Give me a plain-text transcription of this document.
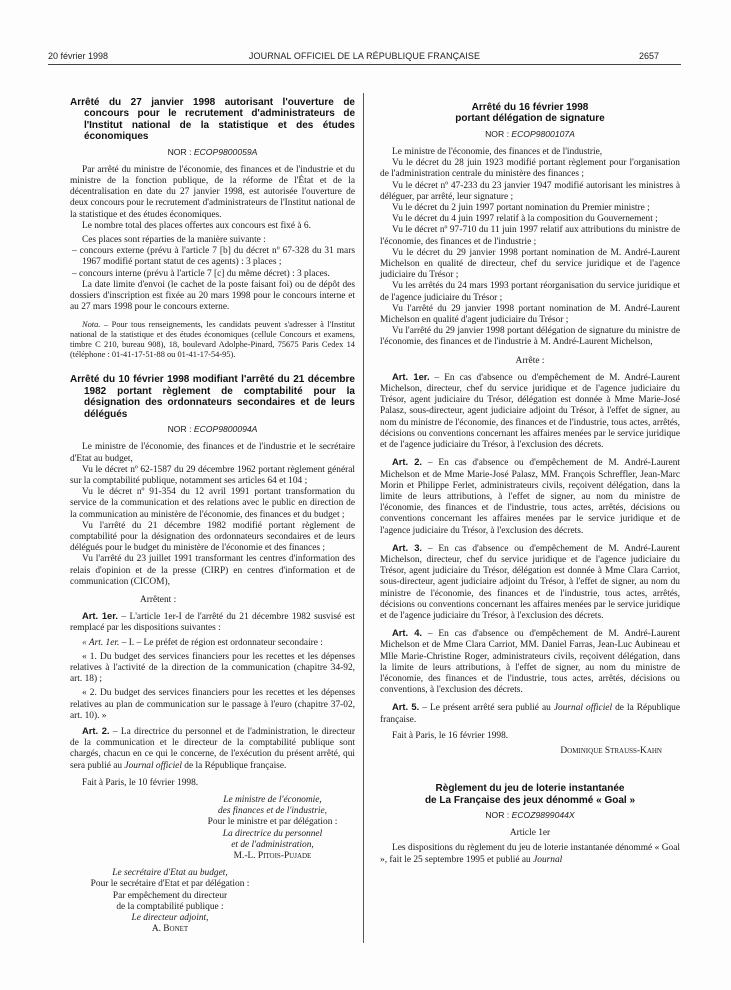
20 février 1998	JOURNAL OFFICIEL DE LA RÉPUBLIQUE FRANÇAISE	2657
Arrêté du 27 janvier 1998 autorisant l'ouverture de concours pour le recrutement d'administrateurs de l'Institut national de la statistique et des études économiques
NOR : ECOP9800059A

Par arrêté du ministre de l'économie, des finances et de l'industrie et du ministre de la fonction publique, de la réforme de l'État et de la décentralisation en date du 27 janvier 1998, est autorisée l'ouverture de deux concours pour le recrutement d'administrateurs de l'Institut national de la statistique et des études économiques.

Le nombre total des places offertes aux concours est fixé à 6.

Ces places sont réparties de la manière suivante :

– concours externe (prévu à l'article 7 [b] du décret nº 67-328 du 31 mars 1967 modifié portant statut de ces agents) : 3 places ;
– concours interne (prévu à l'article 7 [c] du même décret) : 3 places.

La date limite d'envoi (le cachet de la poste faisant foi) ou de dépôt des dossiers d'inscription est fixée au 20 mars 1998 pour le concours interne et au 27 mars 1998 pour le concours externe.

Nota. – Pour tous renseignements, les candidats peuvent s'adresser à l'Institut national de la statistique et des études économiques (cellule Concours et examens, timbre C 210, bureau 908), 18, boulevard Adolphe-Pinard, 75675 Paris Cedex 14 (téléphone : 01-41-17-51-88 ou 01-41-17-54-95).
Arrêté du 10 février 1998 modifiant l'arrêté du 21 décembre 1982 portant règlement de comptabilité pour la désignation des ordonnateurs secondaires et de leurs délégués
NOR : ECOP9800094A

Le ministre de l'économie, des finances et de l'industrie et le secrétaire d'Etat au budget,

Vu le décret nº 62-1587 du 29 décembre 1962 portant règlement général sur la comptabilité publique, notamment ses articles 64 et 104 ;

Vu le décret nº 91-354 du 12 avril 1991 portant transformation du service de la communication et des relations avec le public en direction de la communication au ministère de l'économie, des finances et du budget ;

Vu l'arrêté du 21 décembre 1982 modifié portant règlement de comptabilité pour la désignation des ordonnateurs secondaires et de leurs délégués pour le budget du ministère de l'économie et des finances ;

Vu l'arrêté du 23 juillet 1991 transformant les centres d'information des relais d'opinion et de la presse (CIRP) en centres d'information et de communication (CICOM),

Arrêtent :

Art. 1er. – L'article 1er-I de l'arrêté du 21 décembre 1982 susvisé est remplacé par les dispositions suivantes :

« Art. 1er. – I. – Le préfet de région est ordonnateur secondaire :

« 1. Du budget des services financiers pour les recettes et les dépenses relatives à l'activité de la direction de la communication (chapitre 34-92, art. 18) ;

« 2. Du budget des services financiers pour les recettes et les dépenses relatives au plan de communication sur le passage à l'euro (chapitre 37-02, art. 10). »

Art. 2. – La directrice du personnel et de l'administration, le directeur de la communication et le directeur de la comptabilité publique sont chargés, chacun en ce qui le concerne, de l'exécution du présent arrêté, qui sera publié au Journal officiel de la République française.

Fait à Paris, le 10 février 1998.

Le ministre de l'économie,
des finances et de l'industrie,
Pour le ministre et par délégation :
La directrice du personnel
et de l'administration,
M.-L. Pitois-Pujade
Le secrétaire d'Etat au budget,
Pour le secrétaire d'Etat et par délégation :
Par empêchement du directeur
de la comptabilité publique :
Le directeur adjoint,
A. Bonet
Arrêté du 16 février 1998
portant délégation de signature
NOR : ECOP9800107A

Le ministre de l'économie, des finances et de l'industrie,

Vu le décret du 28 juin 1923 modifié portant règlement pour l'organisation de l'administration centrale du ministère des finances ;

Vu le décret nº 47-233 du 23 janvier 1947 modifié autorisant les ministres à déléguer, par arrêté, leur signature ;

Vu le décret du 2 juin 1997 portant nomination du Premier ministre ;

Vu le décret du 4 juin 1997 relatif à la composition du Gouvernement ;

Vu le décret nº 97-710 du 11 juin 1997 relatif aux attributions du ministre de l'économie, des finances et de l'industrie ;

Vu le décret du 29 janvier 1998 portant nomination de M. André-Laurent Michelson en qualité de directeur, chef du service juridique et de l'agence judiciaire du Trésor ;

Vu les arrêtés du 24 mars 1993 portant réorganisation du service juridique et de l'agence judiciaire du Trésor ;

Vu l'arrêté du 29 janvier 1998 portant nomination de M. André-Laurent Michelson en qualité d'agent judiciaire du Trésor ;

Vu l'arrêté du 29 janvier 1998 portant délégation de signature du ministre de l'économie, des finances et de l'industrie à M. André-Laurent Michelson,

Arrête :

Art. 1er. – En cas d'absence ou d'empêchement de M. André-Laurent Michelson, directeur, chef du service juridique et de l'agence judiciaire du Trésor, agent judiciaire du Trésor, délégation est donnée à Mme Marie-José Palasz, sous-directeur, agent judiciaire adjoint du Trésor, à l'effet de signer, au nom du ministre de l'économie, des finances et de l'industrie, tous actes, arrêtés, décisions ou conventions concernant les affaires menées par le service juridique et de l'agence judiciaire du Trésor, à l'exclusion des décrets.

Art. 2. – En cas d'absence ou d'empêchement de M. André-Laurent Michelson et de Mme Marie-José Palasz, MM. François Schreffler, Jean-Marc Morin et Philippe Ferlet, administrateurs civils, reçoivent délégation, dans la limite de leurs attributions, à l'effet de signer, au nom du ministre de l'économie, des finances et de l'industrie, tous actes, arrêtés, décisions ou conventions concernant les affaires menées par le service juridique et de l'agence judiciaire du Trésor, à l'exclusion des décrets.

Art. 3. – En cas d'absence ou d'empêchement de M. André-Laurent Michelson, directeur, chef du service juridique et de l'agence judiciaire du Trésor, agent judiciaire du Trésor, délégation est donnée à Mme Clara Carriot, sous-directeur, agent judiciaire adjoint du Trésor, à l'effet de signer, au nom du ministre de l'économie, des finances et de l'industrie, tous actes, arrêtés, décisions ou conventions concernant les affaires menées par le service juridique et de l'agence judiciaire du Trésor, à l'exclusion des décrets.

Art. 4. – En cas d'absence ou d'empêchement de M. André-Laurent Michelson et de Mme Clara Carriot, MM. Daniel Farras, Jean-Luc Aubineau et Mlle Marie-Christine Roger, administrateurs civils, reçoivent délégation, dans la limite de leurs attributions, à l'effet de signer, au nom du ministre de l'économie, des finances et de l'industrie, tous actes, arrêtés, décisions ou conventions, à l'exclusion des décrets.

Art. 5. – Le présent arrêté sera publié au Journal officiel de la République française.

Fait à Paris, le 16 février 1998.

Dominique Strauss-Kahn
Règlement du jeu de loterie instantanée
de La Française des jeux dénommé « Goal »
NOR : ECOZ9899044X

Article 1er

Les dispositions du règlement du jeu de loterie instantanée dénommé « Goal », fait le 25 septembre 1995 et publié au Journal
